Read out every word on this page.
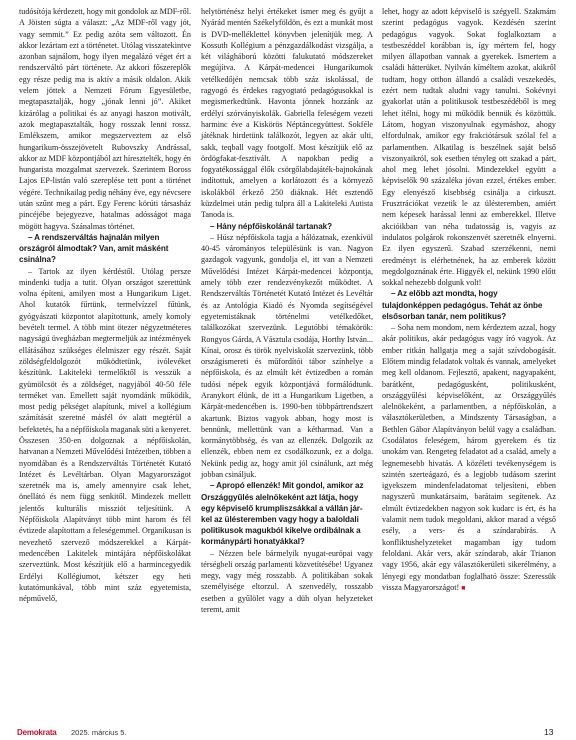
tudósítója kérdezett, hogy mit gondolok az MDF-ről. A Jöisten súgta a választ: „Az MDF-ről vagy jót, vagy semmit.” Ez pedig azóta sem változott. Én akkor lezártam ezt a történetet. Utólag visszatekintve azonban sajnálom, hogy ilyen megalázó véget ért a rendszerváltó párt története. Az akkori főszereplők egy része pedig ma is aktív a másik oldalon. Akik velem jöttek a Nemzeti Fórum Egyesületbe, megtapasztalják, hogy „jónak lenni jó”. Akiket kizárólag a politikai és az anyagi haszon motivált, azok megtapasztalták, hogy rosszak lenni rossz. Emlékszem, amikor megszerveztem az első hungarikum-összejövetelt Rubovszky Andrással, akkor az MDF központjából azt híresztelték, hogy én hungarista mozgalmat szervezek. Szerintem Boross Lajos EP-listán való szereplése tett pont a történet végére. Technikailag pedig néhány éve, egy névcsere után szűnt meg a párt. Egy Ferenc körúti társasház pincéjébe bejegyezve, hatalmas adósságot maga mögött hagyva. Szánalmas történet.

– A rendszerváltás hajnalán milyen országról álmodtak? Van, amit másként csinálna?

– Tartok az ilyen kérdéstől. Utólag persze mindenki tudja a tutit. Olyan országot szerettünk volna építeni, amilyen most a Hungarikum Liget. Ahol kutatók fűrtünk, termelvízzel fűtünk, gyógyászati központot alapítottunk, amely komoly bevételt termel. A több mint ötezer négyzetméteres nagyságú üvegházban megtermeljük az intézmények ellátásához szükséges élelmiszer egy részét. Saját zöldségfeldolgozót működtetünk, ivólevéket készítünk. Lakiteleki termelőktől is vesszük a gyümölcsöt és a zöldséget, nagyjából 40-50 féle terméket van. Emellett saját nyomdánk működik, most pedig pékséget alapítunk, mivel a kollégium számítását szeretné másfél óv alatt megtérül a befektetés, ha a népfőiskola maganak süti a kenyeret. Összesen 350-en dolgoznak a népfőiskolán, hatvanan a Nemzeti Művelődési Intézetben, többen a nyomdában és a Rendszerváltás Történetét Kutató Intézet és Levéltárban. Olyan Magyarországot szeretnék ma is, amely amennyire csak lehet, önellátó és nem függ senkitől. Mindezek mellett jelentős kulturális missziót teljesítünk. A Népfőiskola Alapítványt több mint harom és fél évtizede alapítottam a feleségemmel. Organikusan is nevezhető szervező módszerekkel a Kárpát-medencében Lakitelek mintájára népfőiskolákat szerveztünk. Most készítjük elő a harmincegyedik Erdélyi Kollégiumot, kétszer egy heti kutatómunkával, több mint száz egyetemista, népművelő,

helytörténész helyi értékeket ismer meg és gyűjt a Nyárád mentén Székelyföldön, és ezt a munkát most is DVD-melléklettel könyvben jelenítjük meg. A Kossuth Kollégium a pénzgazdálkodást vizsgálja, a két világháború közötti falukutató módszereket megújítva. A Kárpát-medencei Hungarikumok vetélkedőjén nemcsak több száz iskolással, de ragyogó és érdekes ragyogtató pedagógusokkal is megismerkedtünk. Havonta jönnek hozzánk az erdélyi szórványiskolák. Gabriella feleségem vezeti harminc éve a Kiskörös Néptáncegyüttest. Sokféle játéknak hirdetünk találkozót, legyen az akár ulti, sakk, teqball vagy footgolf. Most készítjük elő az ördögfakat-fesztivált. A napokban pedig a fogyatékossággal élők csörgőlabdajáték-bajnokának indítottuk, amelyen a korlátozott és a környező iskolákból érkező 250 diáknak. Hét esztendő küzdelmei után pedig tulpra áll a Lakiteleki Autista Tanoda is.

– Hány népfőiskolánál tartanak?

– Húsz népfőiskola tagja a hálózatnak, ezenkívül 40-45 várományos településünk is van. Nagyon gazdagok vagyunk, gondolja el, itt van a Nemzeti Művelődési Intézet Kárpát-medencei központja, amely több ezer rendezvénykezőt működtet. A Rendszerváltás Történetét Kutató Intézet és Levéltár és az Antológia Kiadó és Nyomda segítségével egyetemistáknak történelmi vetélkedőket, találkozókat szervezünk. Legutóbbi témakörök: Rongyos Gárda, A Vásztula csodája, Horthy István... Kínai, orosz és török nyelviskolát szervezünk, több országismereti és műfordítói tábor színhelye a népfőiskola, és az elmúlt két évtizedben a román tudósi népek egyik központjává formálódtunk. Aranykort élünk, de itt a Hungarikum Ligetben, a Kárpát-medencében is. 1990-ben többpártrendszert akartunk. Biztos vagyok abban, hogy most is bennünk, mellettünk van a kétharmad. Van a kormánytöbbség, és van az ellenzék. Dolgozik az ellenzék, ebben nem ez csodálkozunk, ez a dolga. Nekünk pedig az, hogy amit jól csinálunk, azt még jobban csináljuk.

– Apropó ellenzék! Mit gondol, amikor az Országgyűlés alelnökeként azt látja, hogy egy képviselő krumpliszsákkal a vállán jár-kel az ülésteremben vagy hogy a baloldali politikusok magukból kikelve ordibálnak a kormánypárti honatyákkal?

– Nézzen bele bármelyik nyugat-európai vagy térségbeli ország parlamenti közvetítésébe! Ugyanez megy, vagy még rosszabb. A politikában sokak személyisége eltorzul. A szenvedély, rosszabb esetben a gyűlölet vagy a düh olyan helyzeteket teremt, amit

lehet, hogy az adott képviselő is szégyell. Szakmám szerint pedagógus vagyok. Kezdésén szerint pedagógus vagyok. Sokat foglalkoztam a testbeszéddel korábban is, így mértem fel, hogy milyen állapotban vannak a gyerekek. Ismertem a családi hátterüket. Nyilván kíméltem azokat, akikről tudtam, hogy otthon állandó a családi veszekedés, ezért nem tudtak aludni vagy tanulni. Sokévnyi gyakorlat után a politikusok testbeszédéből is meg lehet ítélni, hogy mi működik bennük és közöttük. Látom, hogyan viszonyulnak egymáshoz, ahogy elfordulnak, amikor egy frakciótársuk szólal fel a parlamentben. Alkatilag is beszélnek saját belső viszonyaikról, sok esetben tényleg ott szakad a párt, ahol meg lehet jósolni. Mindezekkel együtt a képviselők 90 százaléka jóvan ezzel, értékes ember. Egy elenyésző kisebbség csinálja a cirkuszt. Frusztrációkat vezetik le az ülésteremben, amiért nem képesek harással lenni az emberekkel. Illetve akcióikban van néha tudatosság is, vagyis az indulatos polgárok rokonszenvét szeretnék elnyerni. Ez ilyen egyszerű. Szabad szerzékenni, nemi eredményt is elérhetnének, ha az emberek között megdolgoznának érte. Higgyék el, nekünk 1990 előtt sokkal nehezebb dolgunk volt!

– Az előbb azt mondta, hogy tulajdonképpen pedagógus. Tehát az önbe elsősorban tanár, nem politikus?

– Soha nem mondom, nem kérdeztem azzal, hogy akár politikus, akár pedagógus vagy író vagyok. Az ember ritkán hallgatja meg a saját szívdobogását. Előtem mindig feladatok voltak és vannak, amelyeket meg kell oldanom. Fejlesztő, apakent, nagyapaként, barátként, pedagógusként, politikusként, országgyűlési képviselőként, az Országgyűlés alelnökeként, a parlamentben, a népfőiskolán, a választókerületben, a Mindszenty Társaságban, a Bethlen Gábor Alapítványon belül vagy a családban. Csodálatos feleségem, három gyerekem és tíz unokám van. Rengeteg feladatot ad a család, amely a legnemesebb hivatás. A közéleti tevékenységem is szintén szerteágazó, és a legjobb tudásom szerint igyekszem mindenfeladatomat teljesíteni, ebben nagyszerű munkatársaim, barátaim segítenek. Az elmúlt évtizedekben nagyon sok kudarc is ért, és ha valamit nem tudok megoldani, akkor marad a végső esély, a vers- és a színdarabírás. A konfliktushelyzeteket magamban így tudom feloldani. Akár vers, akár színdarab, akár Trianon vagy 1956, akár egy választókerületi sikerélmény, a lényegi egy mondatban foglalható össze: Szeressük vissza Magyarországot! ■

Demokrata 2025. március 5.	13
